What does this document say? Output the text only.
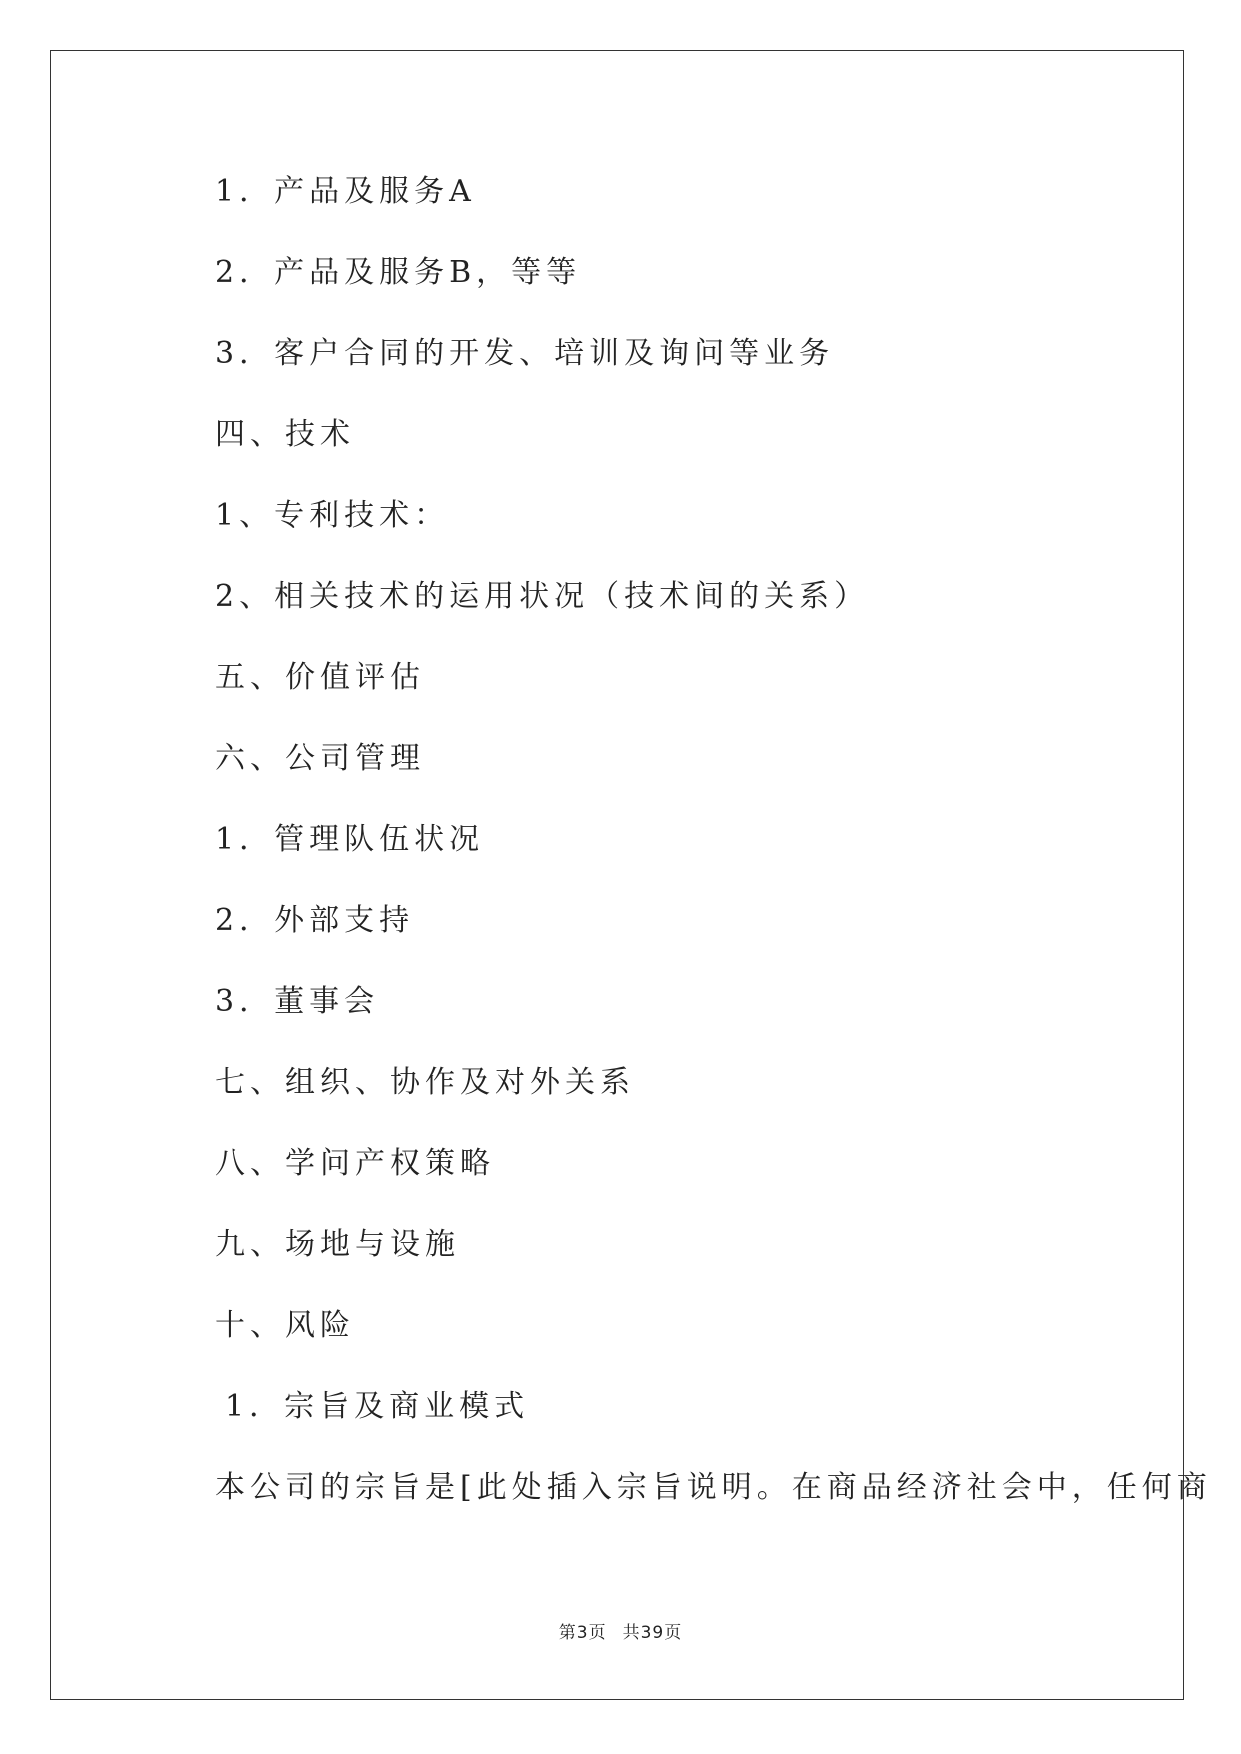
1．产品及服务A
2．产品及服务B，等等
3．客户合同的开发、培训及询问等业务
四、技术
1、专利技术：
2、相关技术的运用状况（技术间的关系）
五、价值评估
六、公司管理
1．管理队伍状况
2．外部支持
3．董事会
七、组织、协作及对外关系
八、学问产权策略
九、场地与设施
十、风险
1．宗旨及商业模式
本公司的宗旨是[此处插入宗旨说明。在商品经济社会中，任何商
第3页 共39页
